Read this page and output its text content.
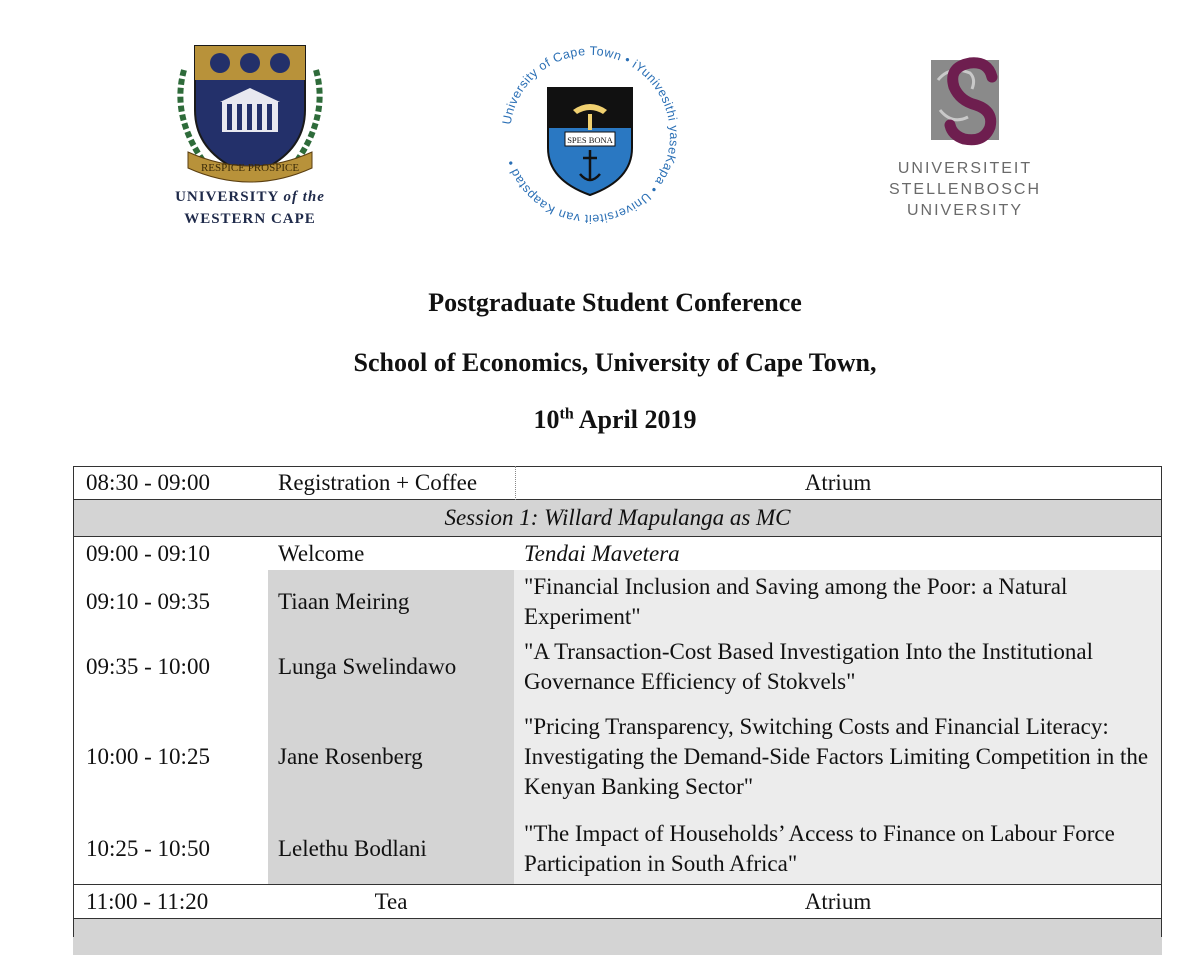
RESPICE PROSPICE
UNIVERSITY of the
WESTERN CAPE
University of Cape Town • iYunivesithi yaseKapa • Universiteit van Kaapstad •
SPES BONA
UNIVERSITEIT
STELLENBOSCH
UNIVERSITY
Postgraduate Student Conference
School of Economics, University of Cape Town,
10th April 2019
08:30 - 09:00	Registration + Coffee	Atrium
Session 1: Willard Mapulanga as MC		
09:00 - 09:10	Welcome	Tendai Mavetera
09:10 - 09:35	Tiaan Meiring	"Financial Inclusion and Saving among the Poor: a Natural Experiment"
09:35 - 10:00	Lunga Swelindawo	"A Transaction-Cost Based Investigation Into the Institutional Governance Efficiency of Stokvels"
10:00 - 10:25	Jane Rosenberg	"Pricing Transparency, Switching Costs and Financial Literacy: Investigating the Demand-Side Factors Limiting Competition in the Kenyan Banking Sector"
10:25 - 10:50	Lelethu Bodlani	"The Impact of Households’ Access to Finance on Labour Force Participation in South Africa"
11:00 - 11:20	Tea	Atrium
